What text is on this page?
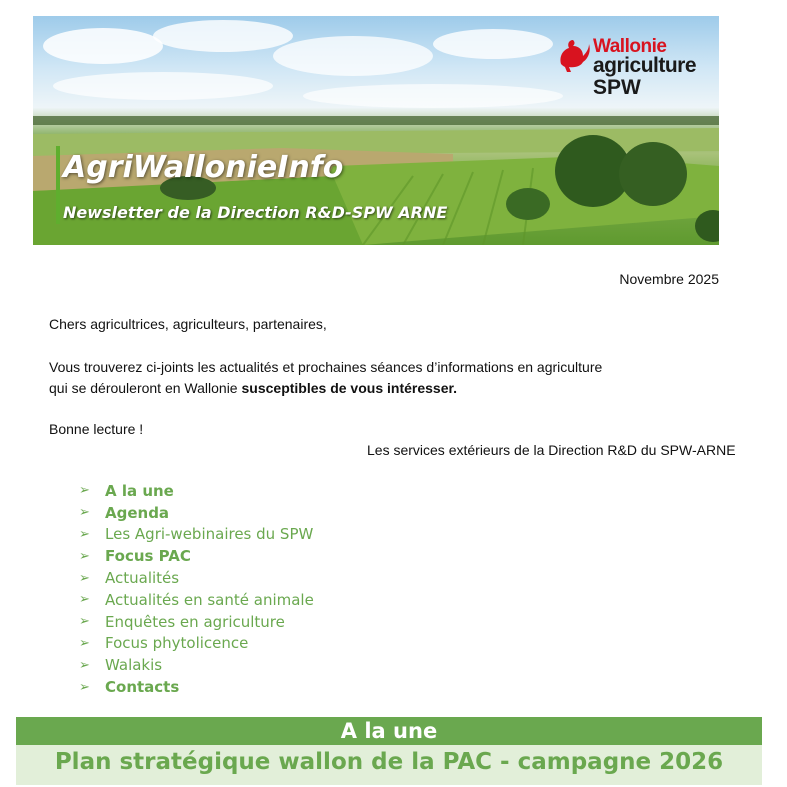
AgriWallonieInfo
Newsletter de la Direction R&D-SPW ARNE
Wallonie
agriculture
SPW
Novembre 2025
Chers agricultrices, agriculteurs, partenaires,
Vous trouverez ci-joints les actualités et prochaines séances d’informations en agriculture
qui se dérouleront en Wallonie susceptibles de vous intéresser.
Bonne lecture !
Les services extérieurs de la Direction R&D du SPW-ARNE
➢	A la une
➢	Agenda
➢	Les Agri-webinaires du SPW
➢	Focus PAC
➢	Actualités
➢	Actualités en santé animale
➢	Enquêtes en agriculture
➢	Focus phytolicence
➢	Walakis
➢	Contacts
A la une
Plan stratégique wallon de la PAC - campagne 2026
